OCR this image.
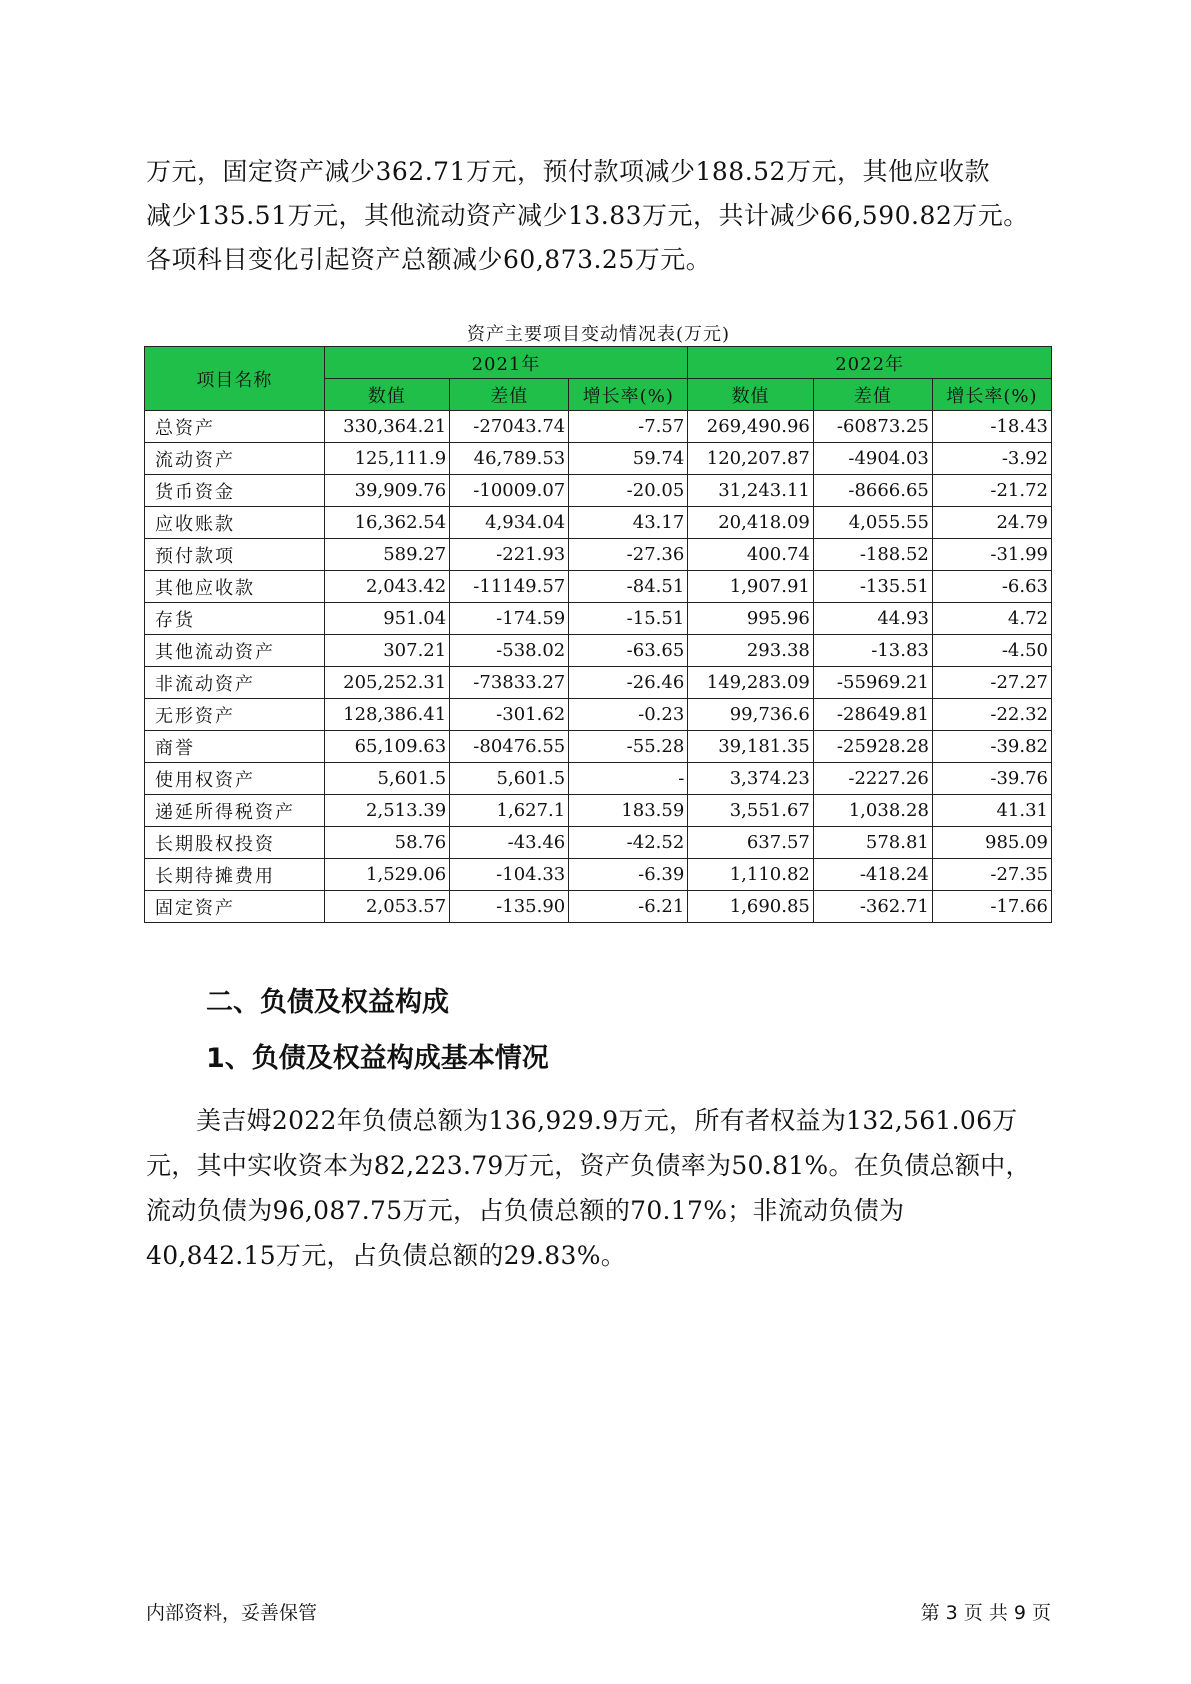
万元，固定资产减少362.71万元，预付款项减少188.52万元，其他应收款

减少135.51万元，其他流动资产减少13.83万元，共计减少66,590.82万元。

各项科目变化引起资产总额减少60,873.25万元。

资产主要项目变动情况表(万元)
项目名称	2021年			2022年		
	数值	差值	增长率(%)	数值	差值	增长率(%)
总资产	330,364.21	-27043.74	-7.57	269,490.96	-60873.25	-18.43
流动资产	125,111.9	46,789.53	59.74	120,207.87	-4904.03	-3.92
货币资金	39,909.76	-10009.07	-20.05	31,243.11	-8666.65	-21.72
应收账款	16,362.54	4,934.04	43.17	20,418.09	4,055.55	24.79
预付款项	589.27	-221.93	-27.36	400.74	-188.52	-31.99
其他应收款	2,043.42	-11149.57	-84.51	1,907.91	-135.51	-6.63
存货	951.04	-174.59	-15.51	995.96	44.93	4.72
其他流动资产	307.21	-538.02	-63.65	293.38	-13.83	-4.50
非流动资产	205,252.31	-73833.27	-26.46	149,283.09	-55969.21	-27.27
无形资产	128,386.41	-301.62	-0.23	99,736.6	-28649.81	-22.32
商誉	65,109.63	-80476.55	-55.28	39,181.35	-25928.28	-39.82
使用权资产	5,601.5	5,601.5	-	3,374.23	-2227.26	-39.76
递延所得税资产	2,513.39	1,627.1	183.59	3,551.67	1,038.28	41.31
长期股权投资	58.76	-43.46	-42.52	637.57	578.81	985.09
长期待摊费用	1,529.06	-104.33	-6.39	1,110.82	-418.24	-27.35
固定资产	2,053.57	-135.90	-6.21	1,690.85	-362.71	-17.66
二、负债及权益构成
1、负债及权益构成基本情况

美吉姆2022年负债总额为136,929.9万元，所有者权益为132,561.06万

元，其中实收资本为82,223.79万元，资产负债率为50.81%。在负债总额中，

流动负债为96,087.75万元，占负债总额的70.17%；非流动负债为

40,842.15万元，占负债总额的29.83%。

内部资料，妥善保管	第 3 页 共 9 页
